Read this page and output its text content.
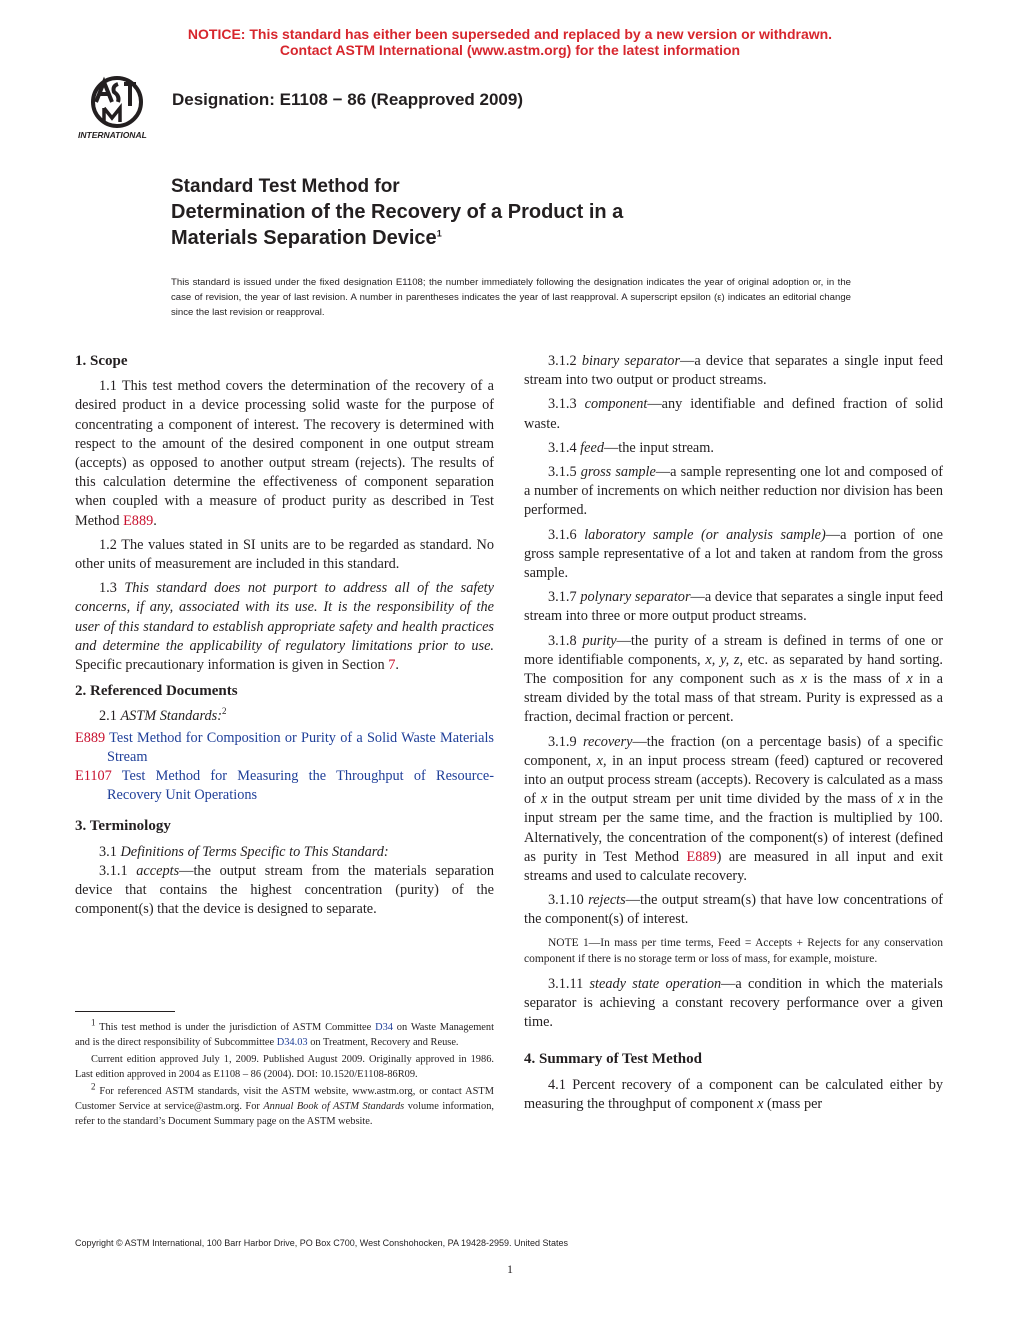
NOTICE: This standard has either been superseded and replaced by a new version or withdrawn.
Contact ASTM International (www.astm.org) for the latest information
INTERNATIONAL
Designation: E1108 − 86 (Reapproved 2009)
Standard Test Method for
Determination of the Recovery of a Product in a
Materials Separation Device$^1$
This standard is issued under the fixed designation E1108; the number immediately following the designation indicates the year of original adoption or, in the case of revision, the year of last revision. A number in parentheses indicates the year of last reapproval. A superscript epsilon (ε) indicates an editorial change since the last revision or reapproval.
1. Scope

1.1 This test method covers the determination of the recovery of a desired product in a device processing solid waste for the purpose of concentrating a component of interest. The recovery is determined with respect to the amount of the desired component in one output stream (accepts) as opposed to another output stream (rejects). The results of this calculation determine the effectiveness of component separation when coupled with a measure of product purity as described in Test Method E889.

1.2 The values stated in SI units are to be regarded as standard. No other units of measurement are included in this standard.

1.3 This standard does not purport to address all of the safety concerns, if any, associated with its use. It is the responsibility of the user of this standard to establish appropriate safety and health practices and determine the applicability of regulatory limitations prior to use. Specific precautionary information is given in Section 7.

2. Referenced Documents

2.1 ASTM Standards:$^2$

E889 Test Method for Composition or Purity of a Solid Waste Materials Stream

E1107 Test Method for Measuring the Throughput of Resource-Recovery Unit Operations

3. Terminology

3.1 Definitions of Terms Specific to This Standard:

3.1.1 accepts—the output stream from the materials separation device that contains the highest concentration (purity) of the component(s) that the device is designed to separate.

$^1$ This test method is under the jurisdiction of ASTM Committee D34 on Waste Management and is the direct responsibility of Subcommittee D34.03 on Treatment, Recovery and Reuse.

Current edition approved July 1, 2009. Published August 2009. Originally approved in 1986. Last edition approved in 2004 as E1108 – 86 (2004). DOI: 10.1520/E1108-86R09.

$^2$ For referenced ASTM standards, visit the ASTM website, www.astm.org, or contact ASTM Customer Service at service@astm.org. For Annual Book of ASTM Standards volume information, refer to the standard’s Document Summary page on the ASTM website.

3.1.2 binary separator—a device that separates a single input feed stream into two output or product streams.

3.1.3 component—any identifiable and defined fraction of solid waste.

3.1.4 feed—the input stream.

3.1.5 gross sample—a sample representing one lot and composed of a number of increments on which neither reduction nor division has been performed.

3.1.6 laboratory sample (or analysis sample)—a portion of one gross sample representative of a lot and taken at random from the gross sample.

3.1.7 polynary separator—a device that separates a single input feed stream into three or more output product streams.

3.1.8 purity—the purity of a stream is defined in terms of one or more identifiable components, x, y, z, etc. as separated by hand sorting. The composition for any component such as x is the mass of x in a stream divided by the total mass of that stream. Purity is expressed as a fraction, decimal fraction or percent.

3.1.9 recovery—the fraction (on a percentage basis) of a specific component, x, in an input process stream (feed) captured or recovered into an output process stream (accepts). Recovery is calculated as a mass of x in the output stream per unit time divided by the mass of x in the input stream per the same time, and the fraction is multiplied by 100. Alternatively, the concentration of the component(s) of interest (defined as purity in Test Method E889) are measured in all input and exit streams and used to calculate recovery.

3.1.10 rejects—the output stream(s) that have low concentrations of the component(s) of interest.

NOTE 1—In mass per time terms, Feed = Accepts + Rejects for any conservation component if there is no storage term or loss of mass, for example, moisture.

3.1.11 steady state operation—a condition in which the materials separator is achieving a constant recovery performance over a given time.

4. Summary of Test Method

4.1 Percent recovery of a component can be calculated either by measuring the throughput of component x (mass per

Copyright © ASTM International, 100 Barr Harbor Drive, PO Box C700, West Conshohocken, PA 19428-2959. United States
1
